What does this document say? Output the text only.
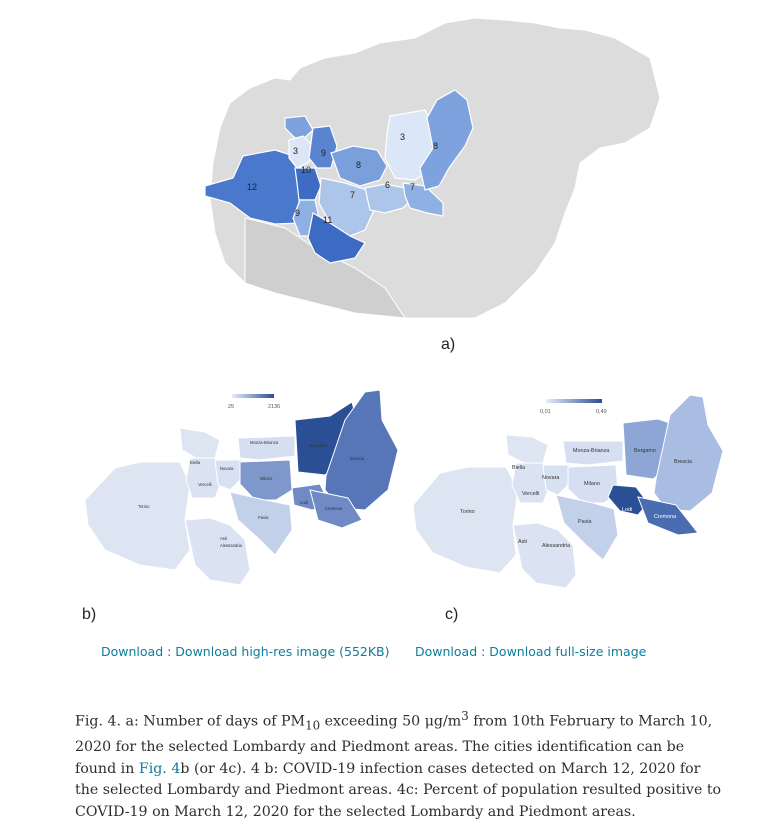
3	9
8
3
8
10
12
7
6 7
9
11
a)
25	2136
Monza-Brianza
Bergamo
Brescia
Biella
Novara
Vercelli
Milano
Torino
Pavia
Lodi
Cremona
Asti
Alessandria
b)
Download : Download high-res image (552KB)
0,01	0,49
Monza-Brianza	Bergamo
Brescia
Biella
Novara
Vercelli
Milano
Torino
Pavia
Lodi
Cremona
Asti
Alessandria
c)
Download : Download full-size image
Fig. 4. a: Number of days of $PM_{10}$ exceeding 50 $\mu g/m^3$ from 10th February to March 10, 2020 for the selected Lombardy and Piedmont areas. The cities identification can be found in Fig. 4b (or 4c). 4 b: COVID-19 infection cases detected on March 12, 2020 for the selected Lombardy and Piedmont areas. 4c: Percent of population resulted positive to COVID-19 on March 12, 2020 for the selected Lombardy and Piedmont areas.
